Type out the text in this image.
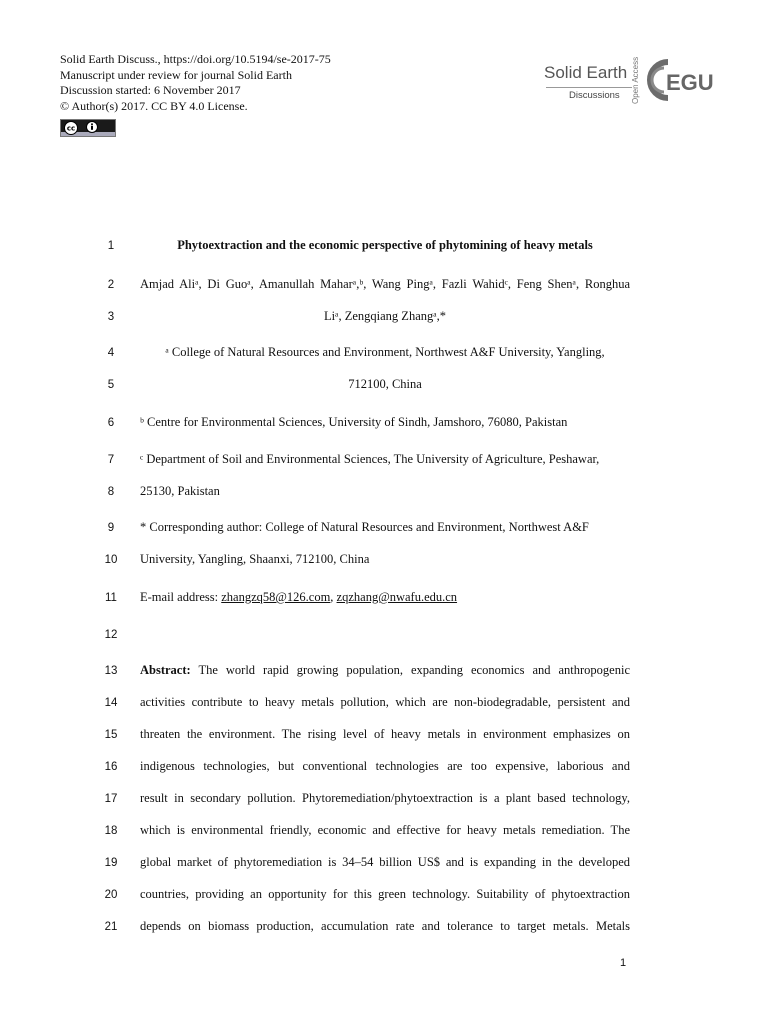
Solid Earth Discuss., https://doi.org/10.5194/se-2017-75
Manuscript under review for journal Solid Earth
Discussion started: 6 November 2017
© Author(s) 2017. CC BY 4.0 License.
cc
Solid Earth
Discussions Open Access EGU
1	Phytoextraction and the economic perspective of phytomining of heavy metals
2	Amjad Aliᵃ, Di Guoᵃ, Amanullah Maharᵃ,ᵇ, Wang Pingᵃ, Fazli Wahidᶜ, Feng Shenᵃ, Ronghua
3	Liᵃ, Zengqiang Zhangᵃ,*
4	ᵃ College of Natural Resources and Environment, Northwest A&F University, Yangling,
5	712100, China
6	ᵇ Centre for Environmental Sciences, University of Sindh, Jamshoro, 76080, Pakistan
7	ᶜ Department of Soil and Environmental Sciences, The University of Agriculture, Peshawar,
8	25130, Pakistan
9	* Corresponding author: College of Natural Resources and Environment, Northwest A&F
10	University, Yangling, Shaanxi, 712100, China
11	E-mail address: zhangzq58@126.com, zqzhang@nwafu.edu.cn
12
13	Abstract: The world rapid growing population, expanding economics and anthropogenic
14	activities contribute to heavy metals pollution, which are non-biodegradable, persistent and
15	threaten the environment. The rising level of heavy metals in environment emphasizes on
16	indigenous technologies, but conventional technologies are too expensive, laborious and
17	result in secondary pollution. Phytoremediation/phytoextraction is a plant based technology,
18	which is environmental friendly, economic and effective for heavy metals remediation. The
19	global market of phytoremediation is 34–54 billion US$ and is expanding in the developed
20	countries, providing an opportunity for this green technology. Suitability of phytoextraction
21	depends on biomass production, accumulation rate and tolerance to target metals. Metals
1
